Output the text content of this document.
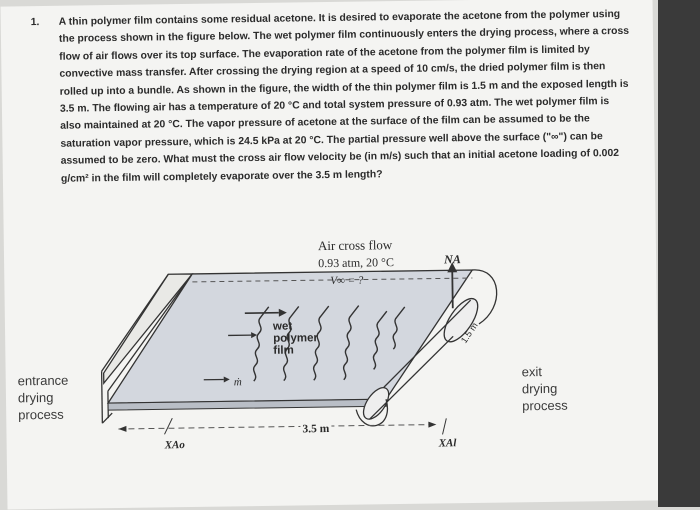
1. A thin polymer film contains some residual acetone. It is desired to evaporate the acetone from the polymer using the process shown in the figure below. The wet polymer film continuously enters the drying process, where a cross flow of air flows over its top surface. The evaporation rate of the acetone from the polymer film is limited by convective mass transfer. After crossing the drying region at a speed of 10 cm/s, the dried polymer film is then rolled up into a bundle. As shown in the figure, the width of the thin polymer film is 1.5 m and the exposed length is 3.5 m. The flowing air has a temperature of 20 °C and total system pressure of 0.93 atm. The wet polymer film is also maintained at 20 °C. The vapor pressure of acetone at the surface of the film can be assumed to be the saturation vapor pressure, which is 24.5 kPa at 20 °C. The partial pressure well above the surface ("∞") can be assumed to be zero. What must the cross air flow velocity be (in m/s) such that an initial acetone loading of 0.002 g/cm² in the film will completely evaporate over the 3.5 m length?
Air cross flow
0.93 atm, 20 °C
V∞ = ?
NA
wet
polymer
film
ṁ
1.5 m
3.5 m
entrance
drying
process
exit
drying
process
XAo	XAl
